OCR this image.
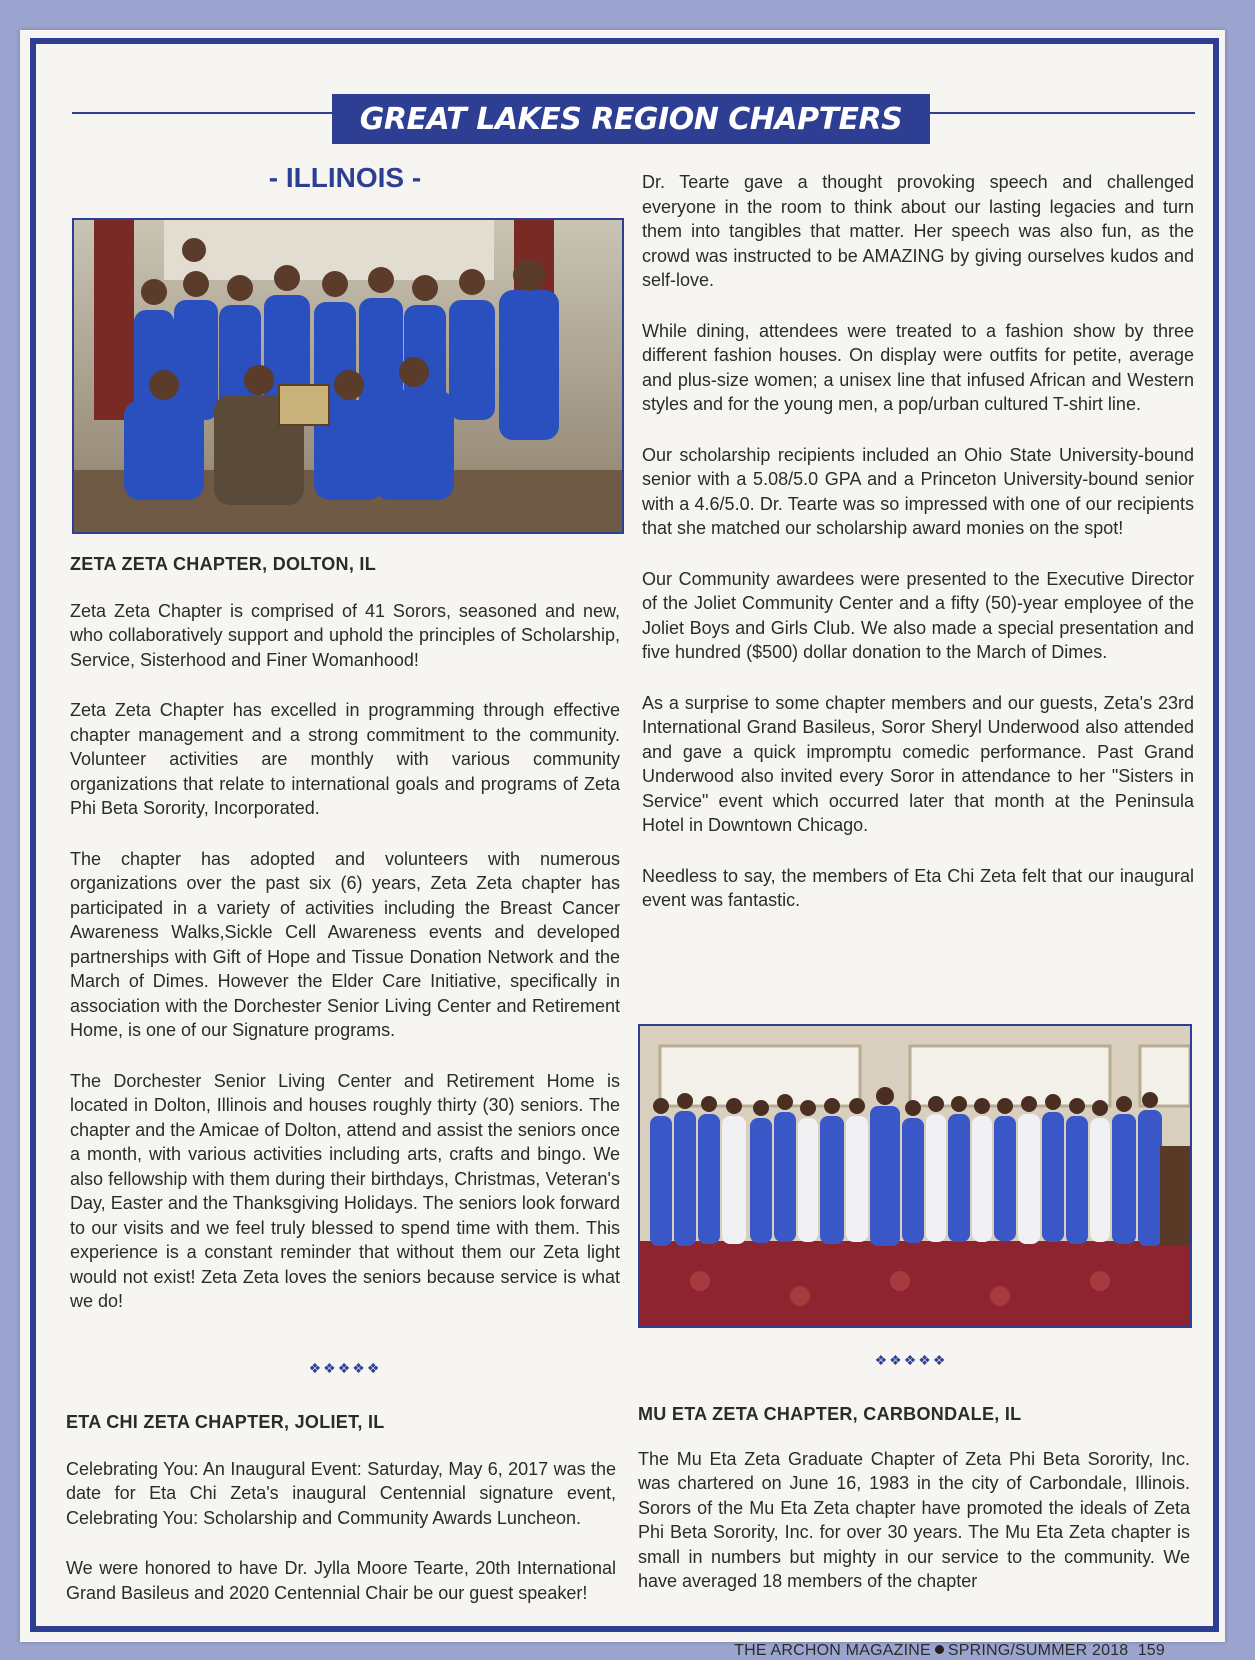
GREAT LAKES REGION CHAPTERS
- ILLINOIS -
ZETA ZETA CHAPTER, DOLTON, IL

Zeta Zeta Chapter is comprised of 41 Sorors, seasoned and new, who collaboratively support and uphold the principles of Scholarship, Service, Sisterhood and Finer Womanhood!

Zeta Zeta Chapter has excelled in programming through effective chapter management and a strong commitment to the community. Volunteer activities are monthly with various community organizations that relate to international goals and programs of Zeta Phi Beta Sorority, Incorporated.

The chapter has adopted and volunteers with numerous organizations over the past six (6) years, Zeta Zeta chapter has participated in a variety of activities including the Breast Cancer Awareness Walks,Sickle Cell Awareness events and developed partnerships with Gift of Hope and Tissue Donation Network and the March of Dimes. However the Elder Care Initiative, specifically in association with the Dorchester Senior Living Center and Retirement Home, is one of our Signature programs.

The Dorchester Senior Living Center and Retirement Home is located in Dolton, Illinois and houses roughly thirty (30) seniors. The chapter and the Amicae of Dolton, attend and assist the seniors once a month, with various activities including arts, crafts and bingo. We also fellowship with them during their birthdays, Christmas, Veteran's Day, Easter and the Thanksgiving Holidays. The seniors look forward to our visits and we feel truly blessed to spend time with them. This experience is a constant reminder that without them our Zeta light would not exist! Zeta Zeta loves the seniors because service is what we do!

❖❖❖❖❖
ETA CHI ZETA CHAPTER, JOLIET, IL

Celebrating You: An Inaugural Event: Saturday, May 6, 2017 was the date for Eta Chi Zeta's inaugural Centennial signature event, Celebrating You: Scholarship and Community Awards Luncheon.

We were honored to have Dr. Jylla Moore Tearte, 20th International Grand Basileus and 2020 Centennial Chair be our guest speaker!

Dr. Tearte gave a thought provoking speech and challenged everyone in the room to think about our lasting legacies and turn them into tangibles that matter. Her speech was also fun, as the crowd was instructed to be AMAZING by giving ourselves kudos and self-love.

While dining, attendees were treated to a fashion show by three different fashion houses. On display were outfits for petite, average and plus-size women; a unisex line that infused African and Western styles and for the young men, a pop/urban cultured T-shirt line.

Our scholarship recipients included an Ohio State University-bound senior with a 5.08/5.0 GPA and a Princeton University-bound senior with a 4.6/5.0. Dr. Tearte was so impressed with one of our recipients that she matched our scholarship award monies on the spot!

Our Community awardees were presented to the Executive Director of the Joliet Community Center and a fifty (50)-year employee of the Joliet Boys and Girls Club. We also made a special presentation and five hundred ($500) dollar donation to the March of Dimes.

As a surprise to some chapter members and our guests, Zeta's 23rd International Grand Basileus, Soror Sheryl Underwood also attended and gave a quick impromptu comedic performance. Past Grand Underwood also invited every Soror in attendance to her "Sisters in Service" event which occurred later that month at the Peninsula Hotel in Downtown Chicago.

Needless to say, the members of Eta Chi Zeta felt that our inaugural event was fantastic.

❖❖❖❖❖
MU ETA ZETA CHAPTER, CARBONDALE, IL

The Mu Eta Zeta Graduate Chapter of Zeta Phi Beta Sorority, Inc. was chartered on June 16, 1983 in the city of Carbondale, Illinois. Sorors of the Mu Eta Zeta chapter have promoted the ideals of Zeta Phi Beta Sorority, Inc. for over 30 years. The Mu Eta Zeta chapter is small in numbers but mighty in our service to the community. We have averaged 18 members of the chapter

THE ARCHON MAGAZINE SPRING/SUMMER 2018 159
